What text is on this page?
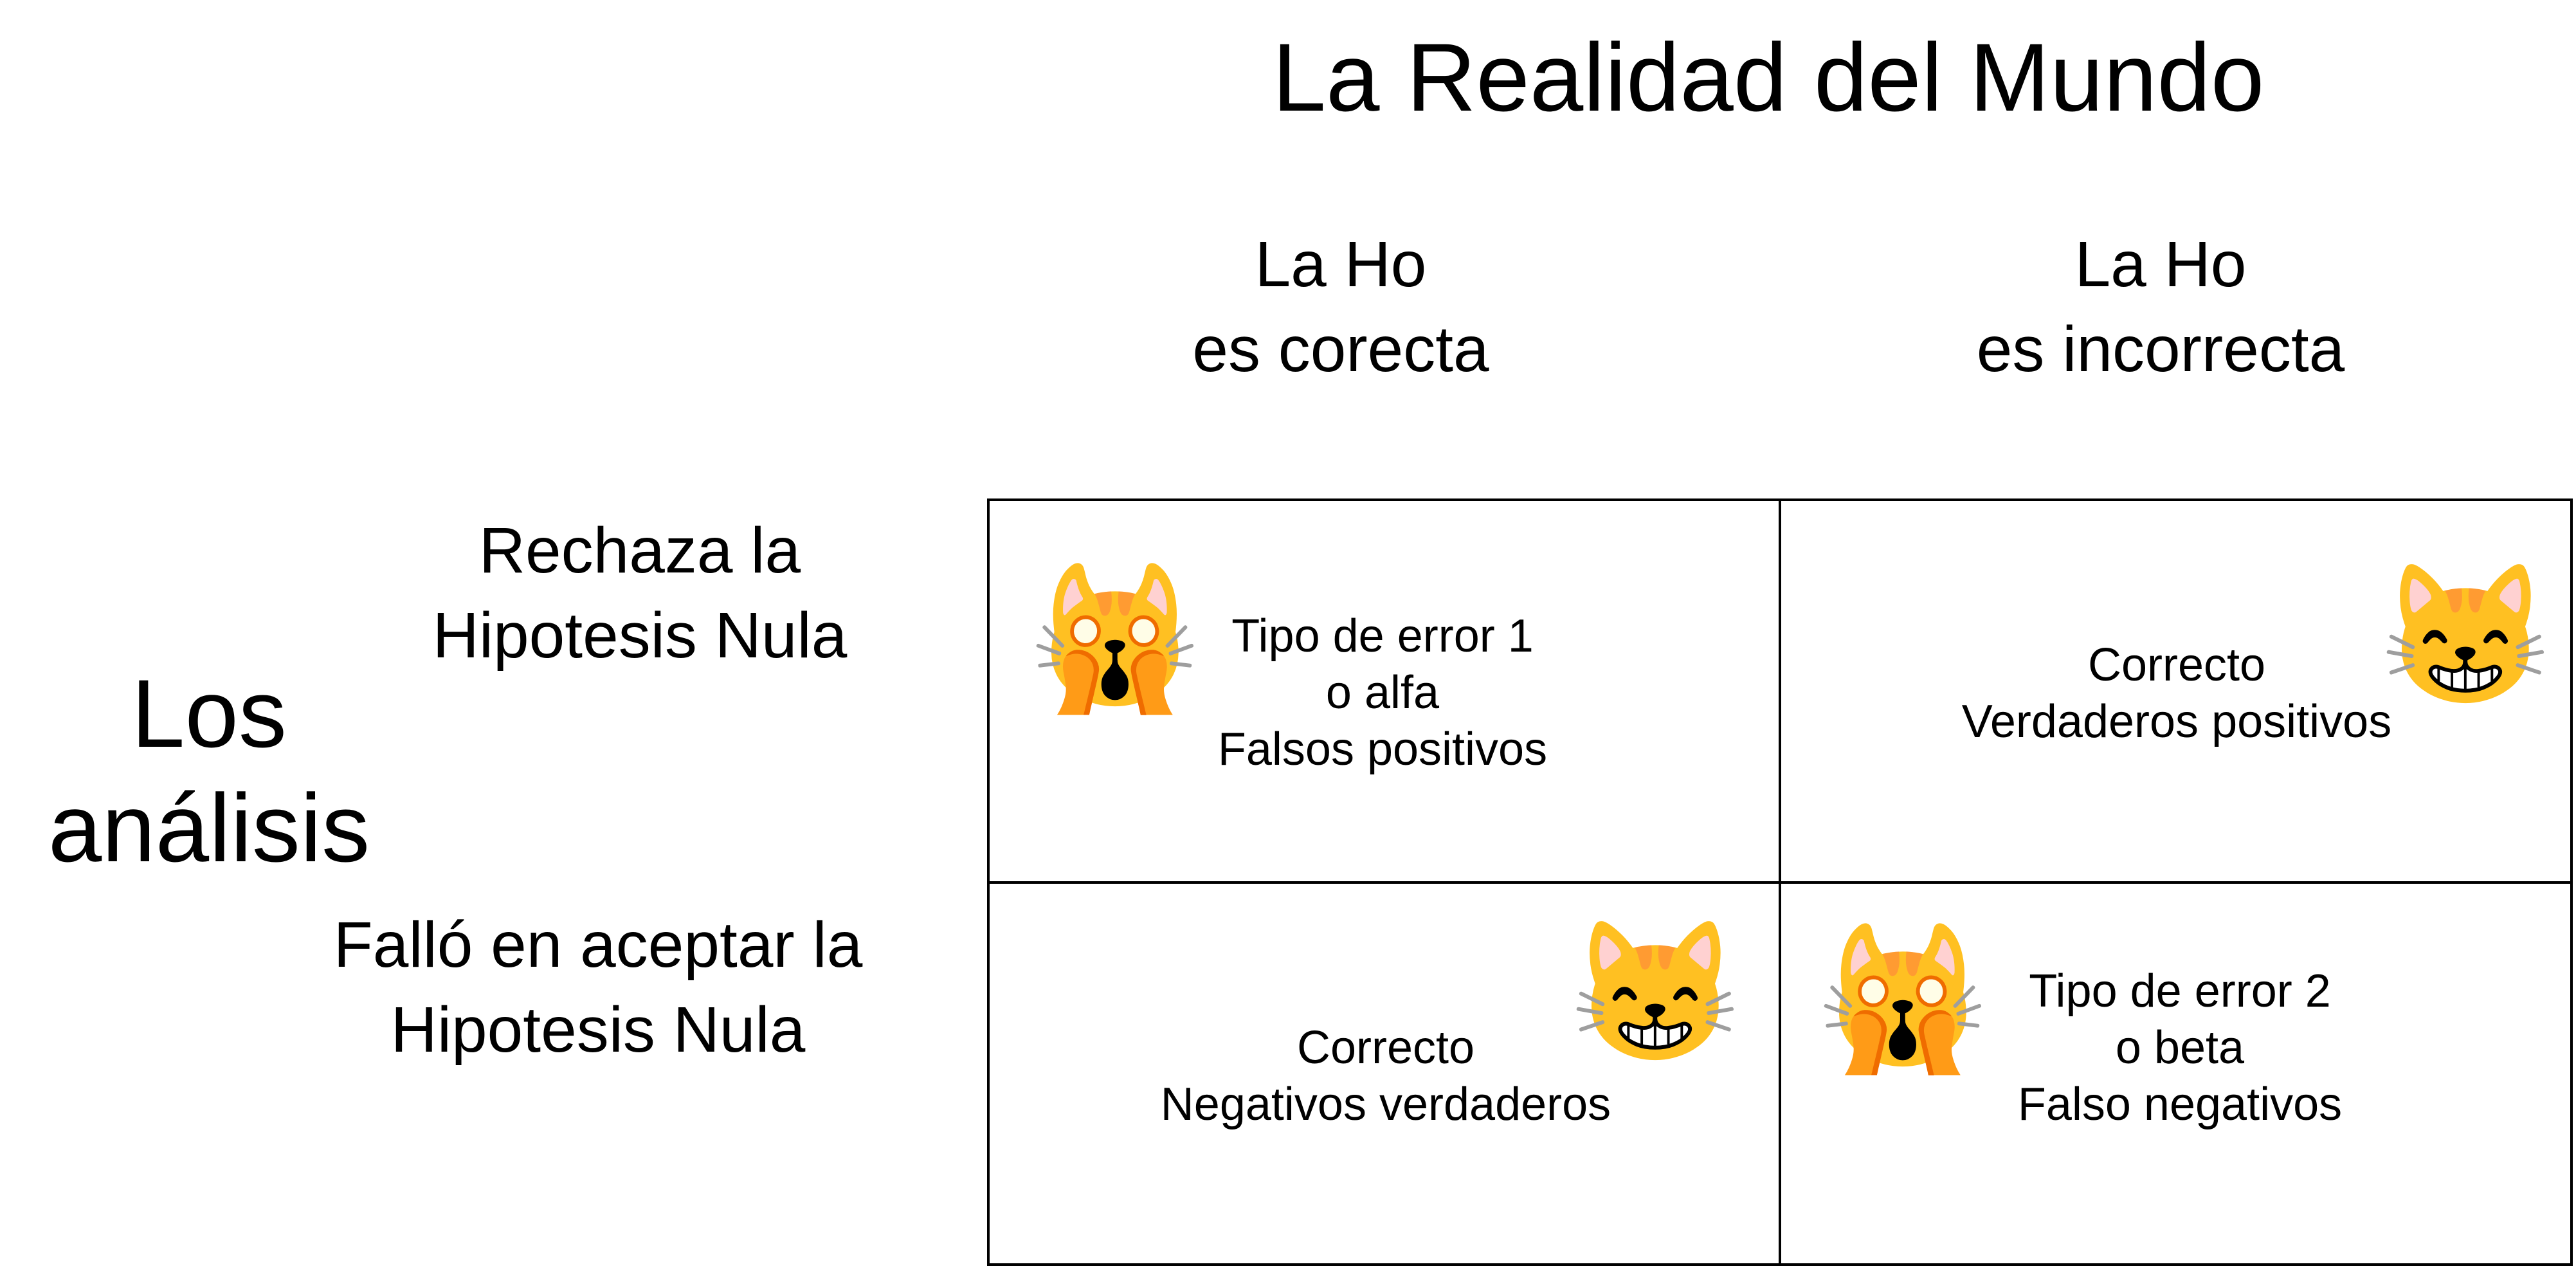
La Realidad del Mundo
La Ho
es corecta
La Ho
es incorrecta
Los
análisis
Rechaza la
Hipotesis Nula
Falló en aceptar la
Hipotesis Nula
🙀 Tipo de error 1
o alfa
Falsos positivos
Correcto
Verdaderos positivos
😸
Correcto
Negativos verdaderos
😸 🙀 Tipo de error 2
o beta
Falso negativos
